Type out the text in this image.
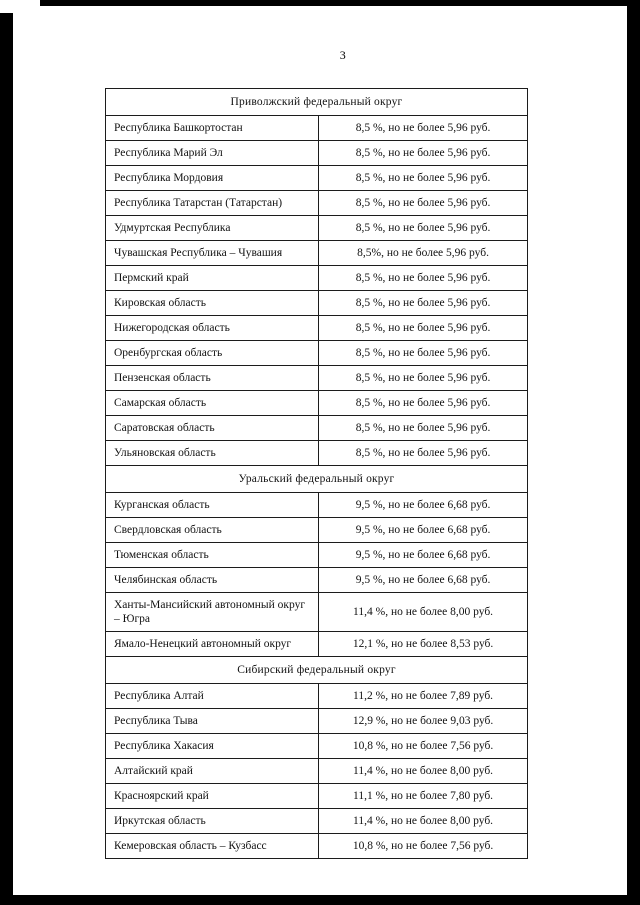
3
Приволжский федеральный округ	
Республика Башкортостан	8,5 %, но не более 5,96 руб.
Республика Марий Эл	8,5 %, но не более 5,96 руб.
Республика Мордовия	8,5 %, но не более 5,96 руб.
Республика Татарстан (Татарстан)	8,5 %, но не более 5,96 руб.
Удмуртская Республика	8,5 %, но не более 5,96 руб.
Чувашская Республика – Чувашия	8,5%, но не более 5,96 руб.
Пермский край	8,5 %, но не более 5,96 руб.
Кировская область	8,5 %, но не более 5,96 руб.
Нижегородская область	8,5 %, но не более 5,96 руб.
Оренбургская область	8,5 %, но не более 5,96 руб.
Пензенская область	8,5 %, но не более 5,96 руб.
Самарская область	8,5 %, но не более 5,96 руб.
Саратовская область	8,5 %, но не более 5,96 руб.
Ульяновская область	8,5 %, но не более 5,96 руб.
Уральский федеральный округ	
Курганская область	9,5 %, но не более 6,68 руб.
Свердловская область	9,5 %, но не более 6,68 руб.
Тюменская область	9,5 %, но не более 6,68 руб.
Челябинская область	9,5 %, но не более 6,68 руб.
Ханты-Мансийский автономный округ – Югра	11,4 %, но не более 8,00 руб.
Ямало-Ненецкий автономный округ	12,1 %, но не более 8,53 руб.
Сибирский федеральный округ	
Республика Алтай	11,2 %, но не более 7,89 руб.
Республика Тыва	12,9 %, но не более 9,03 руб.
Республика Хакасия	10,8 %, но не более 7,56 руб.
Алтайский край	11,4 %, но не более 8,00 руб.
Красноярский край	11,1 %, но не более 7,80 руб.
Иркутская область	11,4 %, но не более 8,00 руб.
Кемеровская область – Кузбасс	10,8 %, но не более 7,56 руб.
